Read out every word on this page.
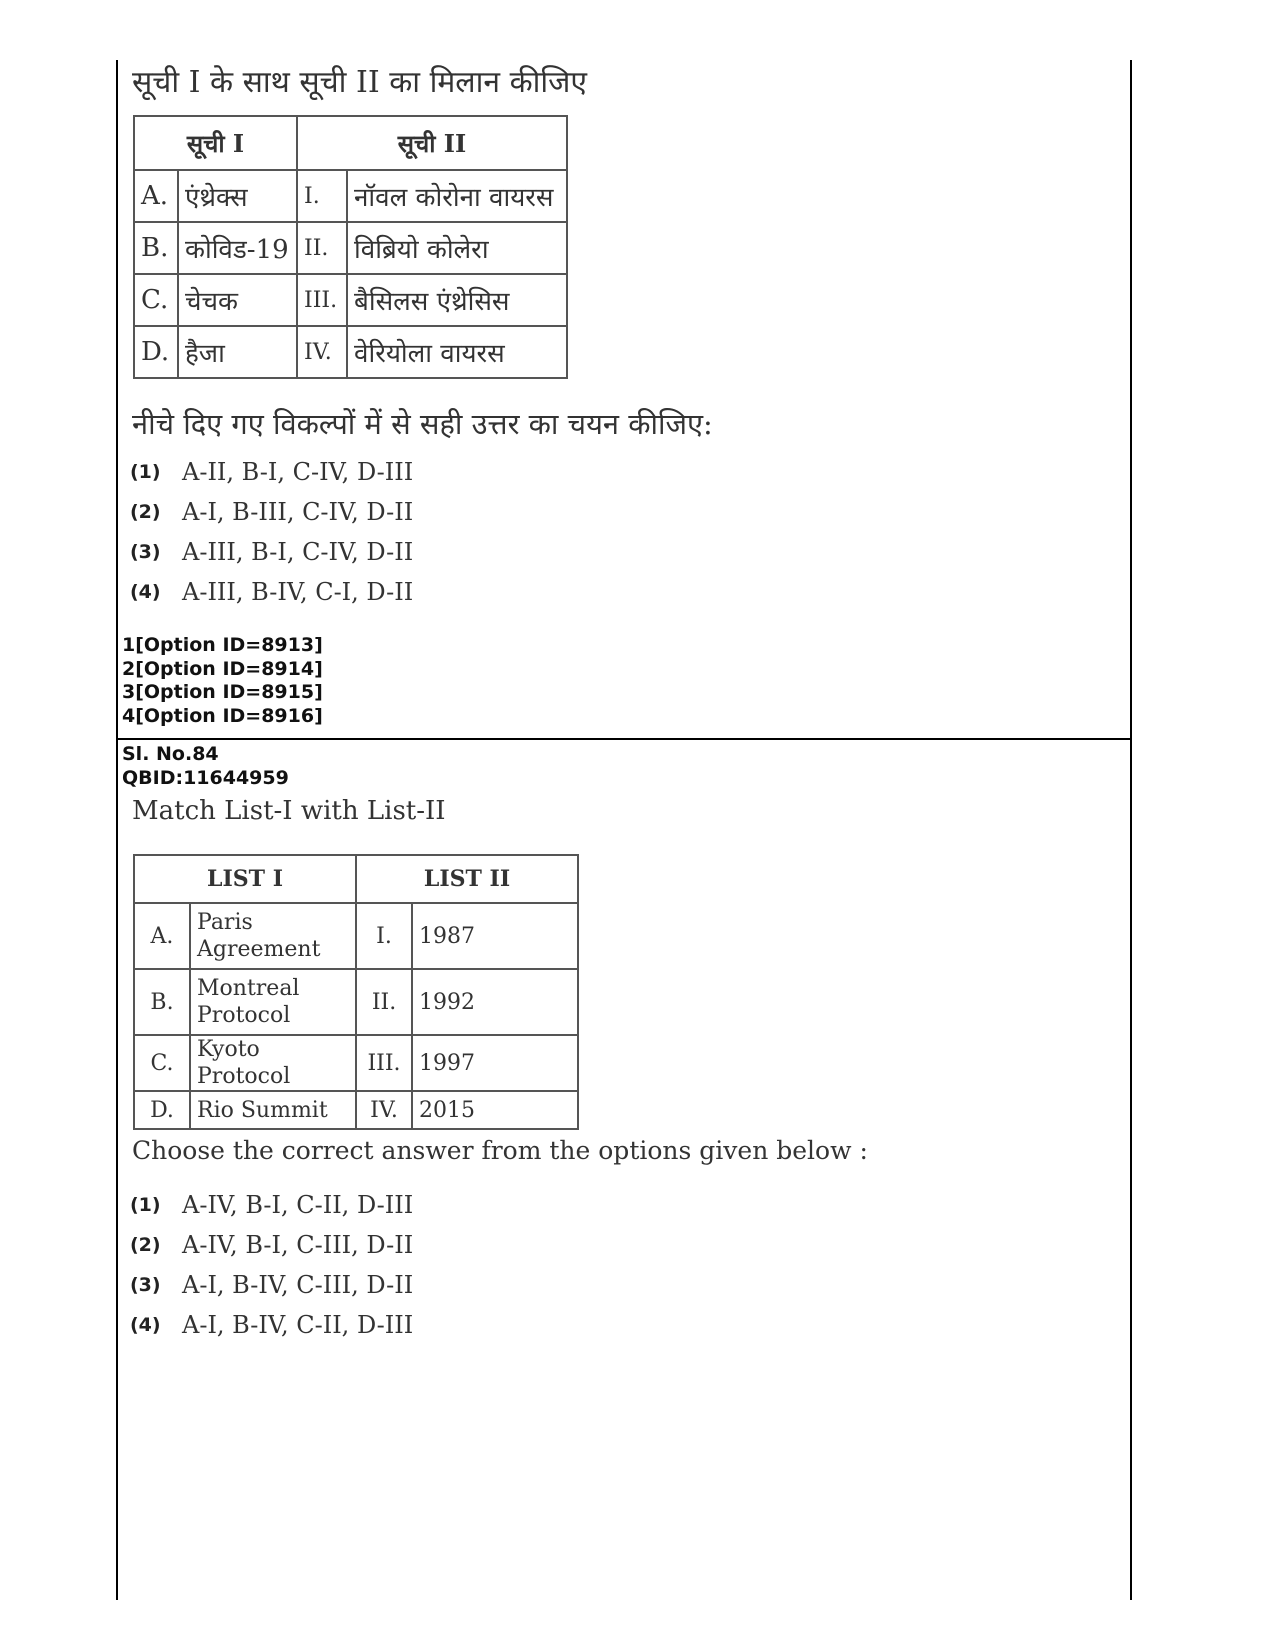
सूची I के साथ सूची II का मिलान कीजिए
सूची I		सूची II	
A.	एंथ्रेक्स	I.	नॉवल कोरोना वायरस
B.	कोविड-19	II.	विब्रियो कोलेरा
C.	चेचक	III.	बैसिलस एंथ्रेसिस
D.	हैजा	IV.	वेरियोला वायरस
नीचे दिए गए विकल्पों में से सही उत्तर का चयन कीजिए:
(1) A-II, B-I, C-IV, D-III
(2) A-I, B-III, C-IV, D-II
(3) A-III, B-I, C-IV, D-II
(4) A-III, B-IV, C-I, D-II
1[Option ID=8913]
2[Option ID=8914]
3[Option ID=8915]
4[Option ID=8916]
Sl. No.84
QBID:11644959
Match List-I with List-II
LIST I		LIST II	
A.	Paris Agreement	I.	1987
B.	Montreal Protocol	II.	1992
C.	Kyoto Protocol	III.	1997
D.	Rio Summit	IV.	2015
Choose the correct answer from the options given below :
(1) A-IV, B-I, C-II, D-III
(2) A-IV, B-I, C-III, D-II
(3) A-I, B-IV, C-III, D-II
(4) A-I, B-IV, C-II, D-III
